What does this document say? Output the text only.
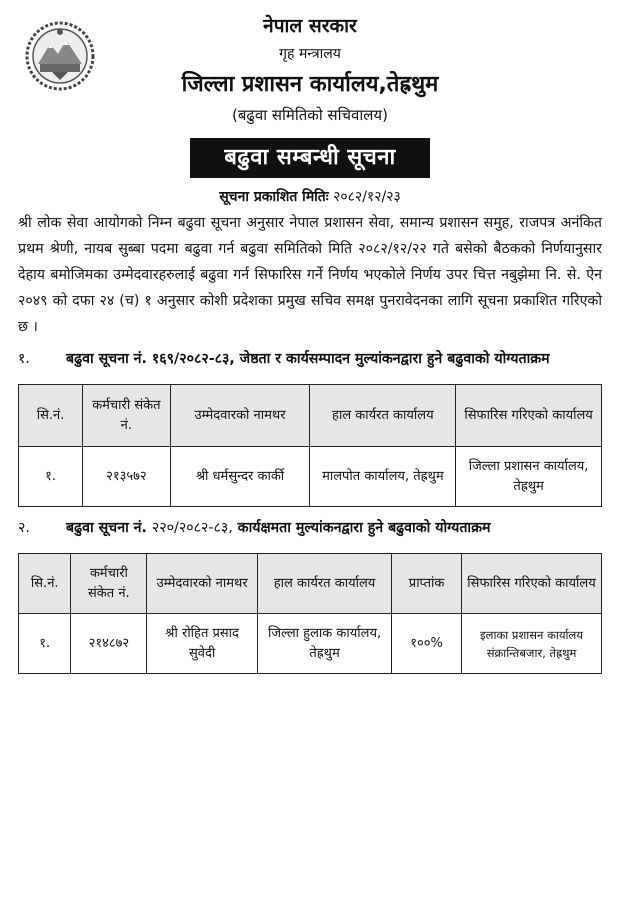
नेपाल सरकार
गृह मन्त्रालय
जिल्ला प्रशासन कार्यालय,तेह्रथुम
(बढुवा समितिको सचिवालय)
बढुवा सम्बन्धी सूचना
सूचना प्रकाशित मितिः २०८२/१२/२३

श्री लोक सेवा आयोगको निम्न बढुवा सूचना अनुसार नेपाल प्रशासन सेवा, समान्य प्रशासन समुह, राजपत्र अनंकित प्रथम श्रेणी, नायब सुब्बा पदमा बढुवा गर्न बढुवा समितिको मिति २०८२/१२/२२ गते बसेको बैठकको निर्णयानुसार देहाय बमोजिमका उम्मेदवारहरुलाई बढुवा गर्न सिफारिस गर्ने निर्णय भएकोले निर्णय उपर चित्त नबुझेमा नि. से. ऐन २०४९ को दफा २४ (च) १ अनुसार कोशी प्रदेशका प्रमुख सचिव समक्ष पुनरावेदनका लागि सूचना प्रकाशित गरिएको छ ।

१.	बढुवा सूचना नं. १६९/२०८२-८३, जेष्ठता र कार्यसम्पादन मुल्यांकनद्वारा हुने बढुवाको योग्यताक्रम
सि.नं.	कर्मचारी संकेत नं.	उम्मेदवारको नामथर	हाल कार्यरत कार्यालय	सिफारिस गरिएको कार्यालय
१.	२१३५७२	श्री धर्मसुन्दर कार्की	मालपोत कार्यालय, तेह्रथुम	जिल्ला प्रशासन कार्यालय, तेह्रथुम
२.	बढुवा सूचना नं. २२०/२०८२-८३, कार्यक्षमता मुल्यांकनद्वारा हुने बढुवाको योग्यताक्रम
सि.नं.	कर्मचारी संकेत नं.	उम्मेदवारको नामथर	हाल कार्यरत कार्यालय	प्राप्तांक	सिफारिस गरिएको कार्यालय
१.	२१४८७२	श्री रोहित प्रसाद सुवेदी	जिल्ला हुलाक कार्यालय, तेह्रथुम	१००%	इलाका प्रशासन कार्यालय संक्रान्तिबजार, तेह्रथुम
